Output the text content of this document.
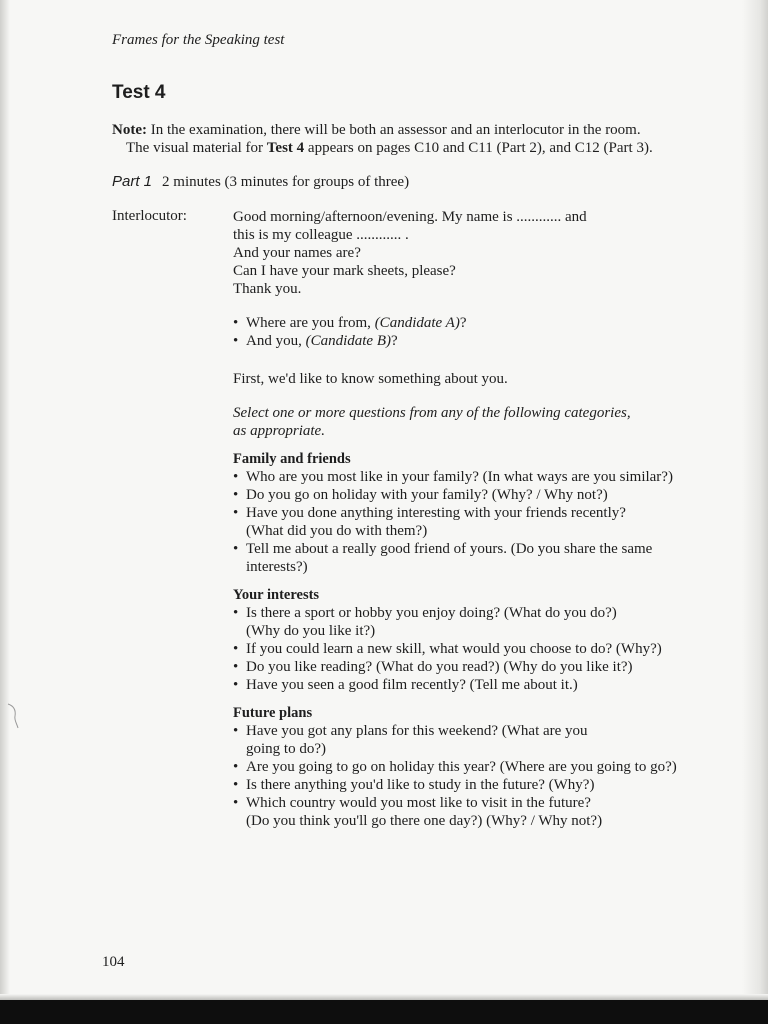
Frames for the Speaking test
Test 4
Note: In the examination, there will be both an assessor and an interlocutor in the room.
The visual material for Test 4 appears on pages C10 and C11 (Part 2), and C12 (Part 3).
Part 1 2 minutes (3 minutes for groups of three)
Interlocutor:	Good morning/afternoon/evening. My name is ............ and

this is my colleague ............ .

And your names are?

Can I have your mark sheets, please?

Thank you.

• Where are you from, (Candidate A)?
• And you, (Candidate B)?

First, we'd like to know something about you.

Select one or more questions from any of the following categories,

as appropriate.

Family and friends

• Who are you most like in your family? (In what ways are you similar?)
• Do you go on holiday with your family? (Why? / Why not?)
• Have you done anything interesting with your friends recently?
(What did you do with them?)
• Tell me about a really good friend of yours. (Do you share the same
interests?)

Your interests

• Is there a sport or hobby you enjoy doing? (What do you do?)
(Why do you like it?)
• If you could learn a new skill, what would you choose to do? (Why?)
• Do you like reading? (What do you read?) (Why do you like it?)
• Have you seen a good film recently? (Tell me about it.)

Future plans

• Have you got any plans for this weekend? (What are you
going to do?)
• Are you going to go on holiday this year? (Where are you going to go?)
• Is there anything you'd like to study in the future? (Why?)
• Which country would you most like to visit in the future?
(Do you think you'll go there one day?) (Why? / Why not?)
104
